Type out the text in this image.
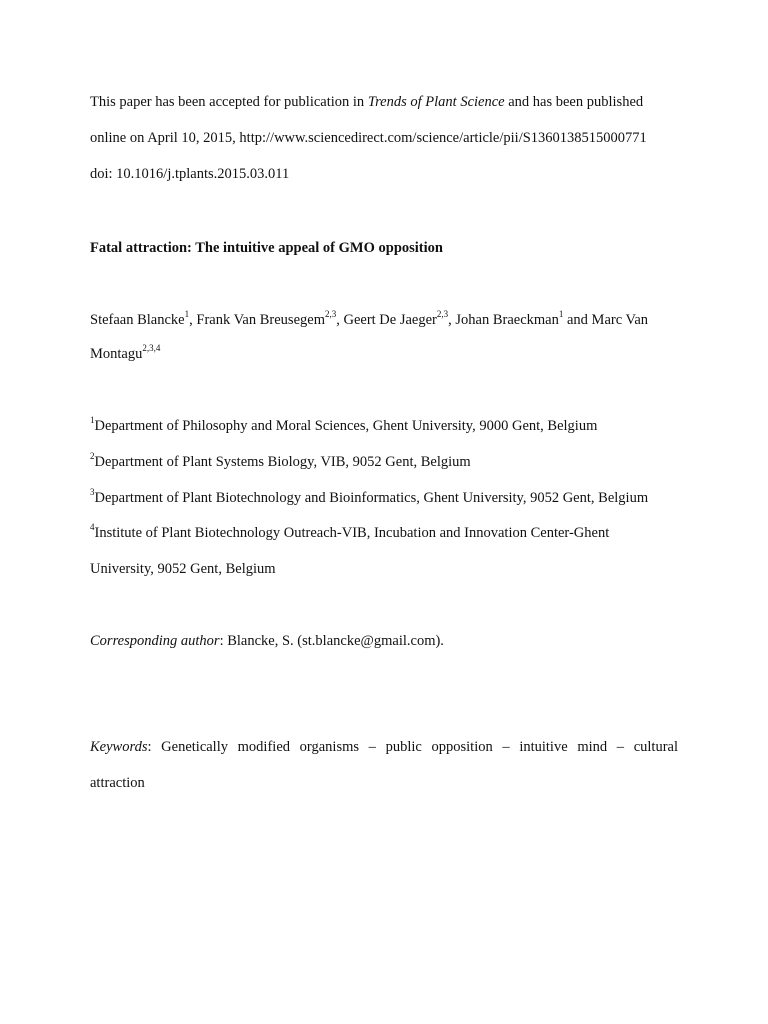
This paper has been accepted for publication in Trends of Plant Science and has been published
online on April 10, 2015, http://www.sciencedirect.com/science/article/pii/S1360138515000771
doi: 10.1016/j.tplants.2015.03.011
Fatal attraction: The intuitive appeal of GMO opposition
Stefaan Blancke$^1$, Frank Van Breusegem$^{2,3}$, Geert De Jaeger$^{2,3}$, Johan Braeckman$^1$ and Marc Van
Montagu$^{2,3,4}$
$^1$Department of Philosophy and Moral Sciences, Ghent University, 9000 Gent, Belgium
$^2$Department of Plant Systems Biology, VIB, 9052 Gent, Belgium
$^3$Department of Plant Biotechnology and Bioinformatics, Ghent University, 9052 Gent, Belgium
$^4$Institute of Plant Biotechnology Outreach-VIB, Incubation and Innovation Center-Ghent
University, 9052 Gent, Belgium
Corresponding author: Blancke, S. (st.blancke@gmail.com).
Keywords: Genetically modified organisms – public opposition – intuitive mind – cultural
attraction
